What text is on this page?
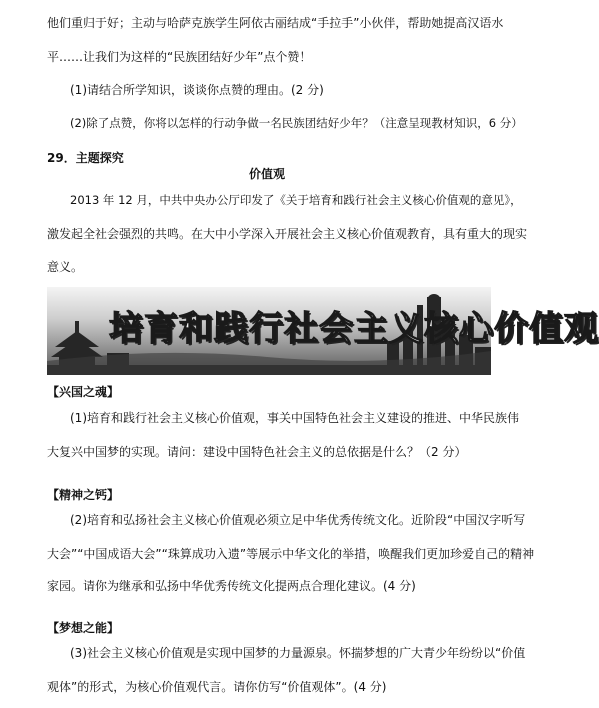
他们重归于好；主动与哈萨克族学生阿依古丽结成“手拉手”小伙伴，帮助她提高汉语水
平……让我们为这样的“民族团结好少年”点个赞！
(1)请结合所学知识，谈谈你点赞的理由。(2 分)
(2)除了点赞，你将以怎样的行动争做一名民族团结好少年？（注意呈现教材知识，6 分）
29．主题探究
价值观
2013 年 12 月，中共中央办公厅印发了《关于培育和践行社会主义核心价值观的意见》，
激发起全社会强烈的共鸣。在大中小学深入开展社会主义核心价值观教育，具有重大的现实
意义。
培育和践行社会主义核心价值观
【兴国之魂】
(1)培育和践行社会主义核心价值观，事关中国特色社会主义建设的推进、中华民族伟
大复兴中国梦的实现。请问：建设中国特色社会主义的总依据是什么？（2 分）
【精神之钙】
(2)培育和弘扬社会主义核心价值观必须立足中华优秀传统文化。近阶段“中国汉字听写
大会”“中国成语大会”“珠算成功入遗”等展示中华文化的举措，唤醒我们更加珍爱自己的精神
家园。请你为继承和弘扬中华优秀传统文化提两点合理化建议。(4 分)
【梦想之能】
(3)社会主义核心价值观是实现中国梦的力量源泉。怀揣梦想的广大青少年纷纷以“价值
观体”的形式，为核心价值观代言。请你仿写“价值观体”。(4 分)
